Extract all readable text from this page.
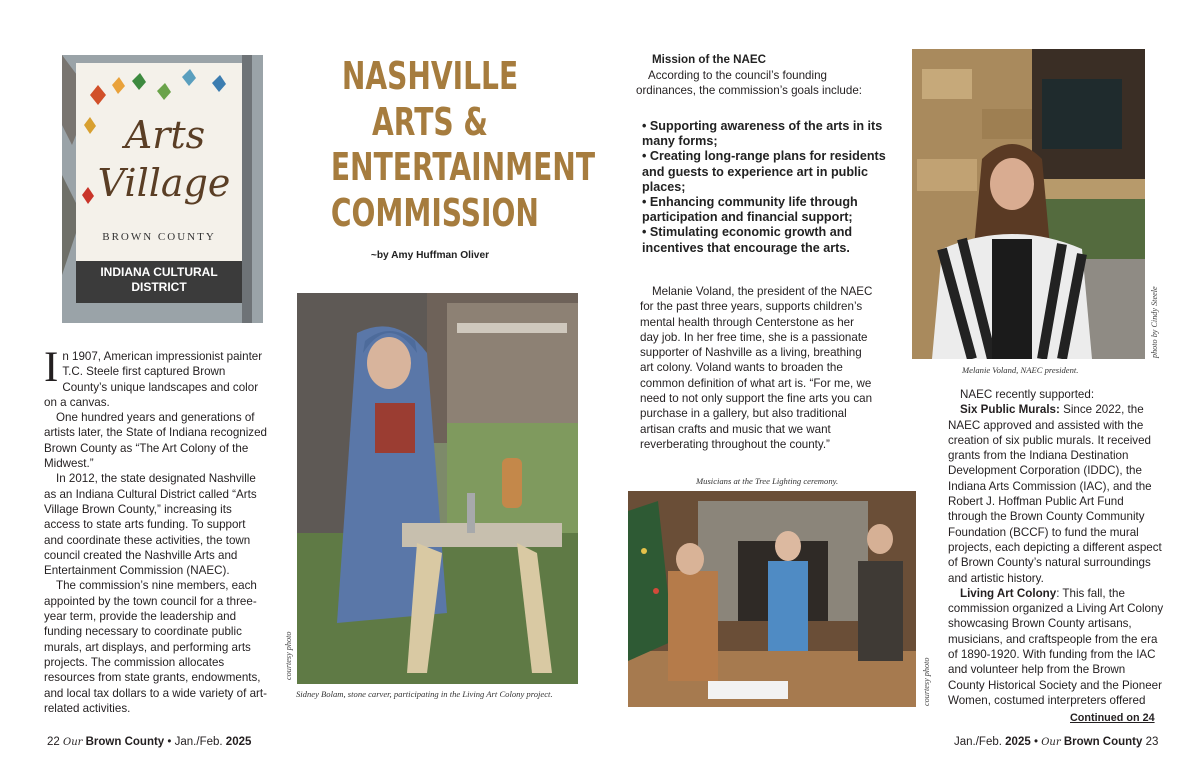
Arts
Village
BROWN COUNTY
INDIANA CULTURAL
DISTRICT

In 1907, American impressionist painter T.C. Steele first captured Brown County’s unique landscapes and color on a canvas.

One hundred years and generations of artists later, the State of Indiana recognized Brown County as “The Art Colony of the Midwest.”

In 2012, the state designated Nashville as an Indiana Cultural District called “Arts Village Brown County,” increasing its access to state arts funding. To support and coordinate these activities, the town council created the Nashville Arts and Entertainment Commission (NAEC).

The commission’s nine members, each appointed by the town council for a three-year term, provide the leadership and funding necessary to coordinate public murals, art displays, and performing arts projects. The commission allocates resources from state grants, endowments, and local tax dollars to a wide variety of art-related activities.

NASHVILLE
ARTS &
ENTERTAINMENT
COMMISSION
~by Amy Huffman Oliver
courtesy photo
Sidney Bolam, stone carver, participating in the Living Art Colony project.
Mission of the NAEC

According to the council’s founding ordinances, the commission’s goals include:

• Supporting awareness of the arts in its many forms;
• Creating long-range plans for residents and guests to experience art in public places;
• Enhancing community life through participation and financial support;
• Stimulating economic growth and incentives that encourage the arts.

Melanie Voland, the president of the NAEC for the past three years, supports children’s mental health through Centerstone as her day job. In her free time, she is a passionate supporter of Nashville as a living, breathing art colony. Voland wants to broaden the common definition of what art is. “For me, we need to not only support the fine arts you can purchase in a gallery, but also traditional artisan crafts and music that we want reverberating throughout the county.”

Musicians at the Tree Lighting ceremony.
courtesy photo
photo by Cindy Steele
Melanie Voland, NAEC president.

NAEC recently supported:

Six Public Murals: Since 2022, the NAEC approved and assisted with the creation of six public murals. It received grants from the Indiana Destination Development Corporation (IDDC), the Indiana Arts Commission (IAC), and the Robert J. Hoffman Public Art Fund through the Brown County Community Foundation (BCCF) to fund the mural projects, each depicting a different aspect of Brown County’s natural surroundings and artistic history.

Living Art Colony: This fall, the commission organized a Living Art Colony showcasing Brown County artisans, musicians, and craftspeople from the era of 1890-1920. With funding from the IAC and volunteer help from the Brown County Historical Society and the Pioneer Women, costumed interpreters offered

Continued on 24
22 Our Brown County • Jan./Feb. 2025	Jan./Feb. 2025 • Our Brown County 23
